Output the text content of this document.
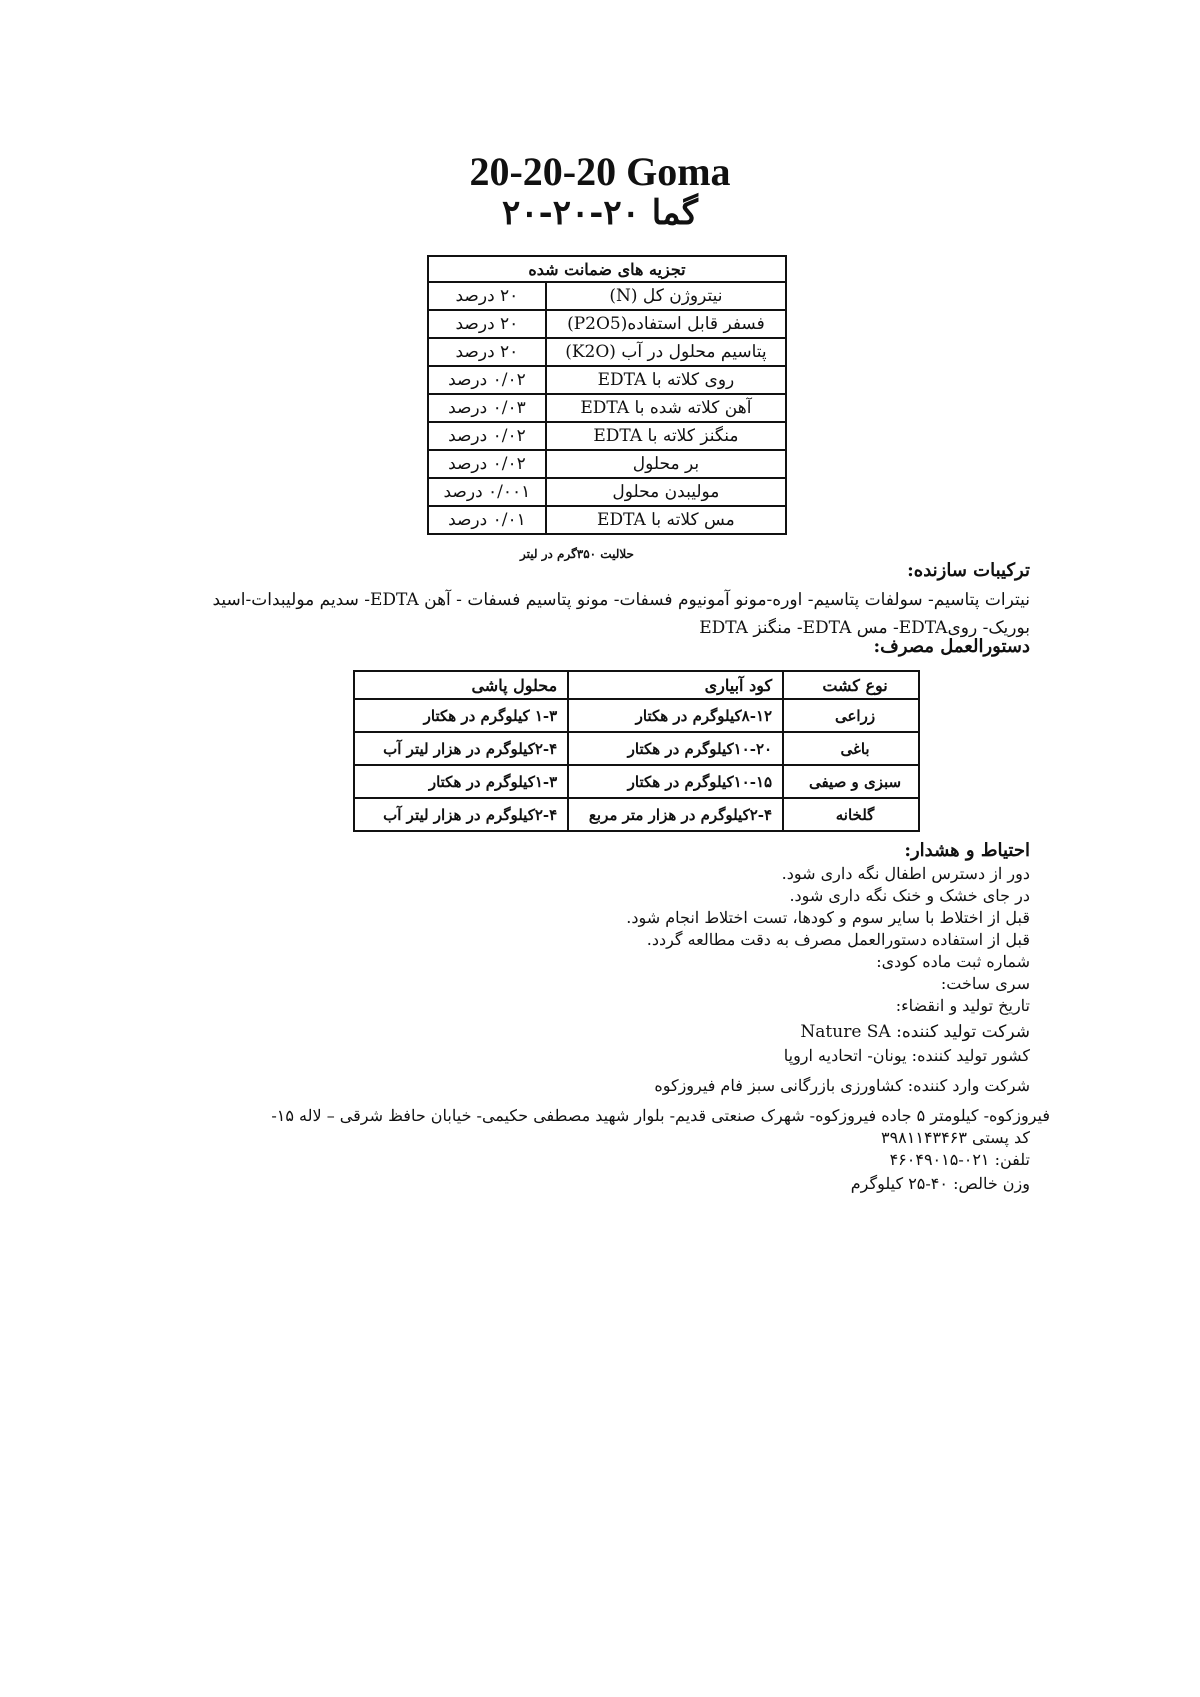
20-20-20 Goma
گما ۲۰-۲۰-۲۰
تجزیه های ضمانت شده	
نیتروژن کل (N)	۲۰ درصد
فسفر قابل استفاده(P2O5)	۲۰ درصد
پتاسیم محلول در آب (K2O)	۲۰ درصد
روی کلاته با EDTA	۰/۰۲ درصد
آهن کلاته شده با EDTA	۰/۰۳ درصد
منگنز کلاته با EDTA	۰/۰۲ درصد
بر محلول	۰/۰۲ درصد
مولیبدن محلول	۰/۰۰۱ درصد
مس کلاته با EDTA	۰/۰۱ درصد
حلالیت ۳۵۰گرم در لیتر
ترکیبات سازنده:
نیترات پتاسیم- سولفات پتاسیم- اوره-مونو آمونیوم فسفات- مونو پتاسیم فسفات - آهن EDTA- سدیم مولیبدات-اسید بوریک- رویEDTA- مس EDTA- منگنز EDTA
دستورالعمل مصرف:
نوع کشت	کود آبیاری	محلول پاشی
زراعی	۸-۱۲کیلوگرم در هکتار	۱-۳ کیلوگرم در هکتار
باغی	۱۰-۲۰کیلوگرم در هکتار	۲-۴کیلوگرم در هزار لیتر آب
سبزی و صیفی	۱۰-۱۵کیلوگرم در هکتار	۱-۳کیلوگرم در هکتار
گلخانه	۲-۴کیلوگرم در هزار متر مربع	۲-۴کیلوگرم در هزار لیتر آب
احتیاط و هشدار:
دور از دسترس اطفال نگه داری شود.
در جای خشک و خنک نگه داری شود.
قبل از اختلاط با سایر سوم و کودها، تست اختلاط انجام شود.
قبل از استفاده دستورالعمل مصرف به دقت مطالعه گردد.
شماره ثبت ماده کودی:
سری ساخت:
تاریخ تولید و انقضاء:
شرکت تولید کننده: Nature SA
کشور تولید کننده: یونان- اتحادیه اروپا
شرکت وارد کننده: کشاورزی بازرگانی سبز فام فیروزکوه
فیروزکوه- کیلومتر ۵ جاده فیروزکوه- شهرک صنعتی قدیم- بلوار شهید مصطفی حکیمی- خیابان حافظ شرقی – لاله ۱۵-
کد پستی ۳۹۸۱۱۴۳۴۶۳
تلفن: ۰۲۱-۴۶۰۴۹۰۱۵
وزن خالص: ۴۰-۲۵ کیلوگرم
